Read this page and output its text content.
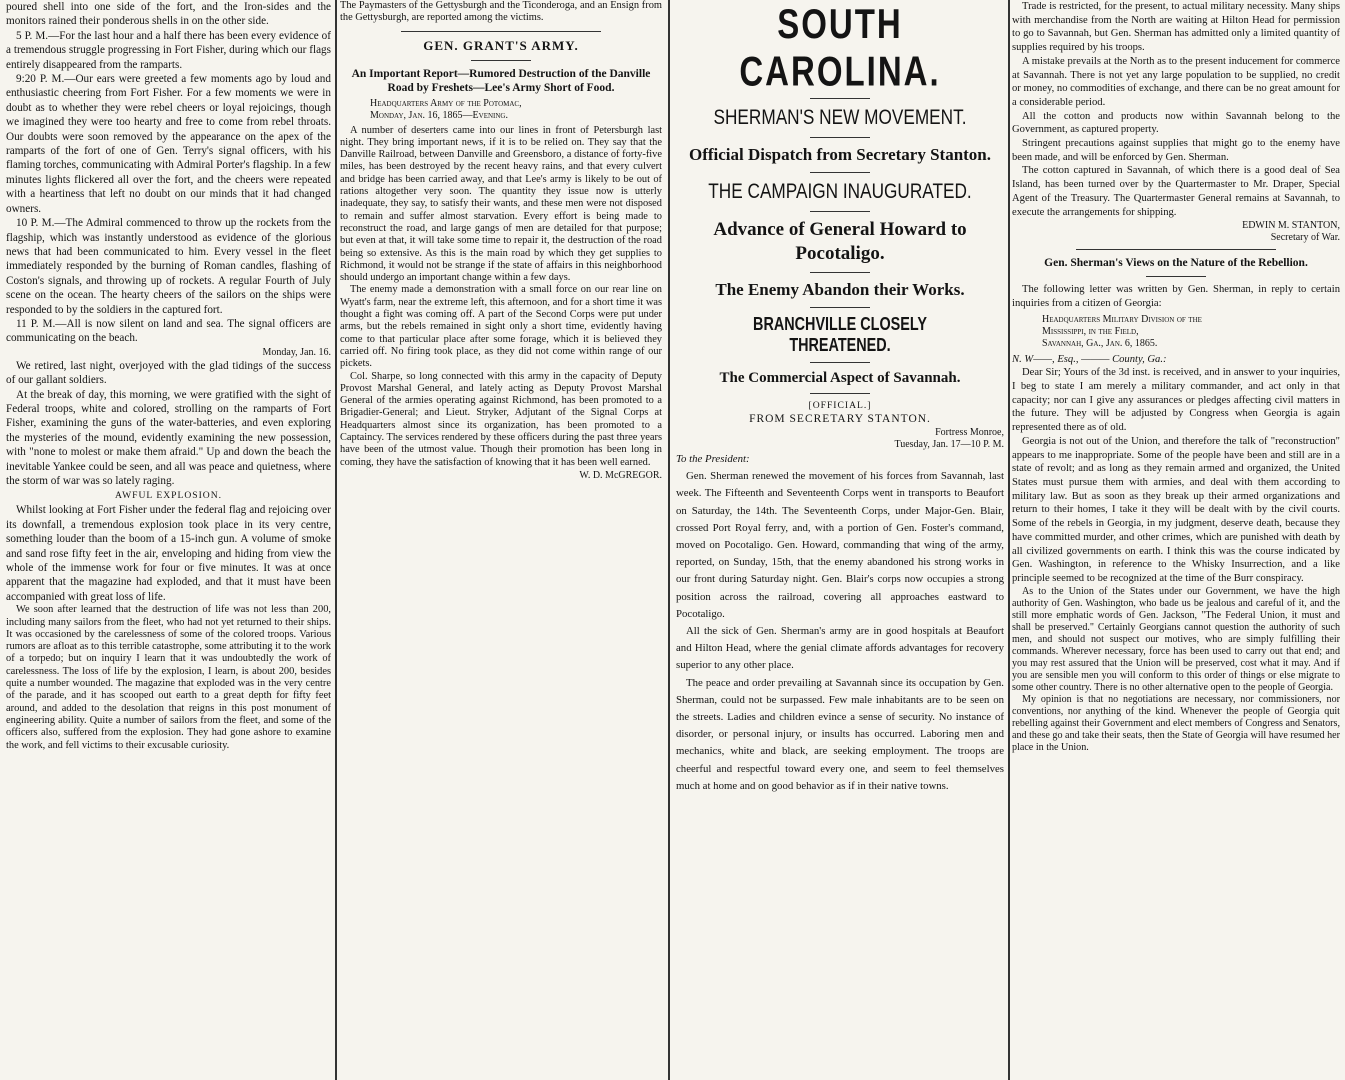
poured shell into one side of the fort, and the Iron-sides and the monitors rained their ponderous shells in on the other side.

5 P. M.—For the last hour and a half there has been every evidence of a tremendous struggle progressing in Fort Fisher, during which our flags entirely disappeared from the ramparts.

9:20 P. M.—Our ears were greeted a few moments ago by loud and enthusiastic cheering from Fort Fisher. For a few moments we were in doubt as to whether they were rebel cheers or loyal rejoicings, though we imagined they were too hearty and free to come from rebel throats. Our doubts were soon removed by the appearance on the apex of the ramparts of the fort of one of Gen. Terry's signal officers, with his flaming torches, communicating with Admiral Porter's flagship. In a few minutes lights flickered all over the fort, and the cheers were repeated with a heartiness that left no doubt on our minds that it had changed owners.

10 P. M.—The Admiral commenced to throw up the rockets from the flagship, which was instantly understood as evidence of the glorious news that had been communicated to him. Every vessel in the fleet immediately responded by the burning of Roman candles, flashing of Coston's signals, and throwing up of rockets. A regular Fourth of July scene on the ocean. The hearty cheers of the sailors on the ships were responded to by the soldiers in the captured fort.

11 P. M.—All is now silent on land and sea. The signal officers are communicating on the beach.

Monday, Jan. 16.

We retired, last night, overjoyed with the glad tidings of the success of our gallant soldiers.

At the break of day, this morning, we were gratified with the sight of Federal troops, white and colored, strolling on the ramparts of Fort Fisher, examining the guns of the water-batteries, and even exploring the mysteries of the mound, evidently examining the new possession, with "none to molest or make them afraid." Up and down the beach the inevitable Yankee could be seen, and all was peace and quietness, where the storm of war was so lately raging.

AWFUL EXPLOSION.

Whilst looking at Fort Fisher under the federal flag and rejoicing over its downfall, a tremendous explosion took place in its very centre, something louder than the boom of a 15-inch gun. A volume of smoke and sand rose fifty feet in the air, enveloping and hiding from view the whole of the immense work for four or five minutes. It was at once apparent that the magazine had exploded, and that it must have been accompanied with great loss of life.

We soon after learned that the destruction of life was not less than 200, including many sailors from the fleet, who had not yet returned to their ships. It was occasioned by the carelessness of some of the colored troops. Various rumors are afloat as to this terrible catastrophe, some attributing it to the work of a torpedo; but on inquiry I learn that it was undoubtedly the work of carelessness. The loss of life by the explosion, I learn, is about 200, besides quite a number wounded. The magazine that exploded was in the very centre of the parade, and it has scooped out earth to a great depth for fifty feet around, and added to the desolation that reigns in this post monument of engineering ability. Quite a number of sailors from the fleet, and some of the officers also, suffered from the explosion. They had gone ashore to examine the work, and fell victims to their excusable curiosity.

The Paymasters of the Gettysburgh and the Ticonderoga, and an Ensign from the Gettysburgh, are reported among the victims.

GEN. GRANT'S ARMY.
An Important Report—Rumored Destruction of the Danville Road by Freshets—Lee's Army Short of Food.
Headquarters Army of the Potomac,
Monday, Jan. 16, 1865—Evening.

A number of deserters came into our lines in front of Petersburgh last night. They bring important news, if it is to be relied on. They say that the Danville Railroad, between Danville and Greensboro, a distance of forty-five miles, has been destroyed by the recent heavy rains, and that every culvert and bridge has been carried away, and that Lee's army is likely to be out of rations altogether very soon. The quantity they issue now is utterly inadequate, they say, to satisfy their wants, and these men were not disposed to remain and suffer almost starvation. Every effort is being made to reconstruct the road, and large gangs of men are detailed for that purpose; but even at that, it will take some time to repair it, the destruction of the road being so extensive. As this is the main road by which they get supplies to Richmond, it would not be strange if the state of affairs in this neighborhood should undergo an important change within a few days.

The enemy made a demonstration with a small force on our rear line on Wyatt's farm, near the extreme left, this afternoon, and for a short time it was thought a fight was coming off. A part of the Second Corps were put under arms, but the rebels remained in sight only a short time, evidently having come to that particular place after some forage, which it is believed they carried off. No firing took place, as they did not come within range of our pickets.

Col. Sharpe, so long connected with this army in the capacity of Deputy Provost Marshal General, and lately acting as Deputy Provost Marshal General of the armies operating against Richmond, has been promoted to a Brigadier-General; and Lieut. Stryker, Adjutant of the Signal Corps at Headquarters almost since its organization, has been promoted to a Captaincy. The services rendered by these officers during the past three years have been of the utmost value. Though their promotion has been long in coming, they have the satisfaction of knowing that it has been well earned.

W. D. McGREGOR.
SOUTH CAROLINA.
SHERMAN'S NEW MOVEMENT.
Official Dispatch from Secretary Stanton.
THE CAMPAIGN INAUGURATED.
Advance of General Howard to Pocotaligo.
The Enemy Abandon their Works.
BRANCHVILLE CLOSELY THREATENED.
The Commercial Aspect of Savannah.
[OFFICIAL.]
FROM SECRETARY STANTON.
Fortress Monroe,
Tuesday, Jan. 17—10 P. M.

To the President:

Gen. Sherman renewed the movement of his forces from Savannah, last week. The Fifteenth and Seventeenth Corps went in transports to Beaufort on Saturday, the 14th. The Seventeenth Corps, under Major-Gen. Blair, crossed Port Royal ferry, and, with a portion of Gen. Foster's command, moved on Pocotaligo. Gen. Howard, commanding that wing of the army, reported, on Sunday, 15th, that the enemy abandoned his strong works in our front during Saturday night. Gen. Blair's corps now occupies a strong position across the railroad, covering all approaches eastward to Pocotaligo.

All the sick of Gen. Sherman's army are in good hospitals at Beaufort and Hilton Head, where the genial climate affords advantages for recovery superior to any other place.

The peace and order prevailing at Savannah since its occupation by Gen. Sherman, could not be surpassed. Few male inhabitants are to be seen on the streets. Ladies and children evince a sense of security. No instance of disorder, or personal injury, or insults has occurred. Laboring men and mechanics, white and black, are seeking employment. The troops are cheerful and respectful toward every one, and seem to feel themselves much at home and on good behavior as if in their native towns.

Trade is restricted, for the present, to actual military necessity. Many ships with merchandise from the North are waiting at Hilton Head for permission to go to Savannah, but Gen. Sherman has admitted only a limited quantity of supplies required by his troops.

A mistake prevails at the North as to the present inducement for commerce at Savannah. There is not yet any large population to be supplied, no credit or money, no commodities of exchange, and there can be no great amount for a considerable period.

All the cotton and products now within Savannah belong to the Government, as captured property.

Stringent precautions against supplies that might go to the enemy have been made, and will be enforced by Gen. Sherman.

The cotton captured in Savannah, of which there is a good deal of Sea Island, has been turned over by the Quartermaster to Mr. Draper, Special Agent of the Treasury. The Quartermaster General remains at Savannah, to execute the arrangements for shipping.

EDWIN M. STANTON,
Secretary of War.
Gen. Sherman's Views on the Nature of the Rebellion.

The following letter was written by Gen. Sherman, in reply to certain inquiries from a citizen of Georgia:

Headquarters Military Division of the
Mississippi, in the Field,
Savannah, Ga., Jan. 6, 1865.

N. W——, Esq., ——— County, Ga.:

Dear Sir; Yours of the 3d inst. is received, and in answer to your inquiries, I beg to state I am merely a military commander, and act only in that capacity; nor can I give any assurances or pledges affecting civil matters in the future. They will be adjusted by Congress when Georgia is again represented there as of old.

Georgia is not out of the Union, and therefore the talk of "reconstruction" appears to me inappropriate. Some of the people have been and still are in a state of revolt; and as long as they remain armed and organized, the United States must pursue them with armies, and deal with them according to military law. But as soon as they break up their armed organizations and return to their homes, I take it they will be dealt with by the civil courts. Some of the rebels in Georgia, in my judgment, deserve death, because they have committed murder, and other crimes, which are punished with death by all civilized governments on earth. I think this was the course indicated by Gen. Washington, in reference to the Whisky Insurrection, and a like principle seemed to be recognized at the time of the Burr conspiracy.

As to the Union of the States under our Government, we have the high authority of Gen. Washington, who bade us be jealous and careful of it, and the still more emphatic words of Gen. Jackson, "The Federal Union, it must and shall be preserved." Certainly Georgians cannot question the authority of such men, and should not suspect our motives, who are simply fulfilling their commands. Wherever necessary, force has been used to carry out that end; and you may rest assured that the Union will be preserved, cost what it may. And if you are sensible men you will conform to this order of things or else migrate to some other country. There is no other alternative open to the people of Georgia.

My opinion is that no negotiations are necessary, nor commissioners, nor conventions, nor anything of the kind. Whenever the people of Georgia quit rebelling against their Government and elect members of Congress and Senators, and these go and take their seats, then the State of Georgia will have resumed her place in the Union.
